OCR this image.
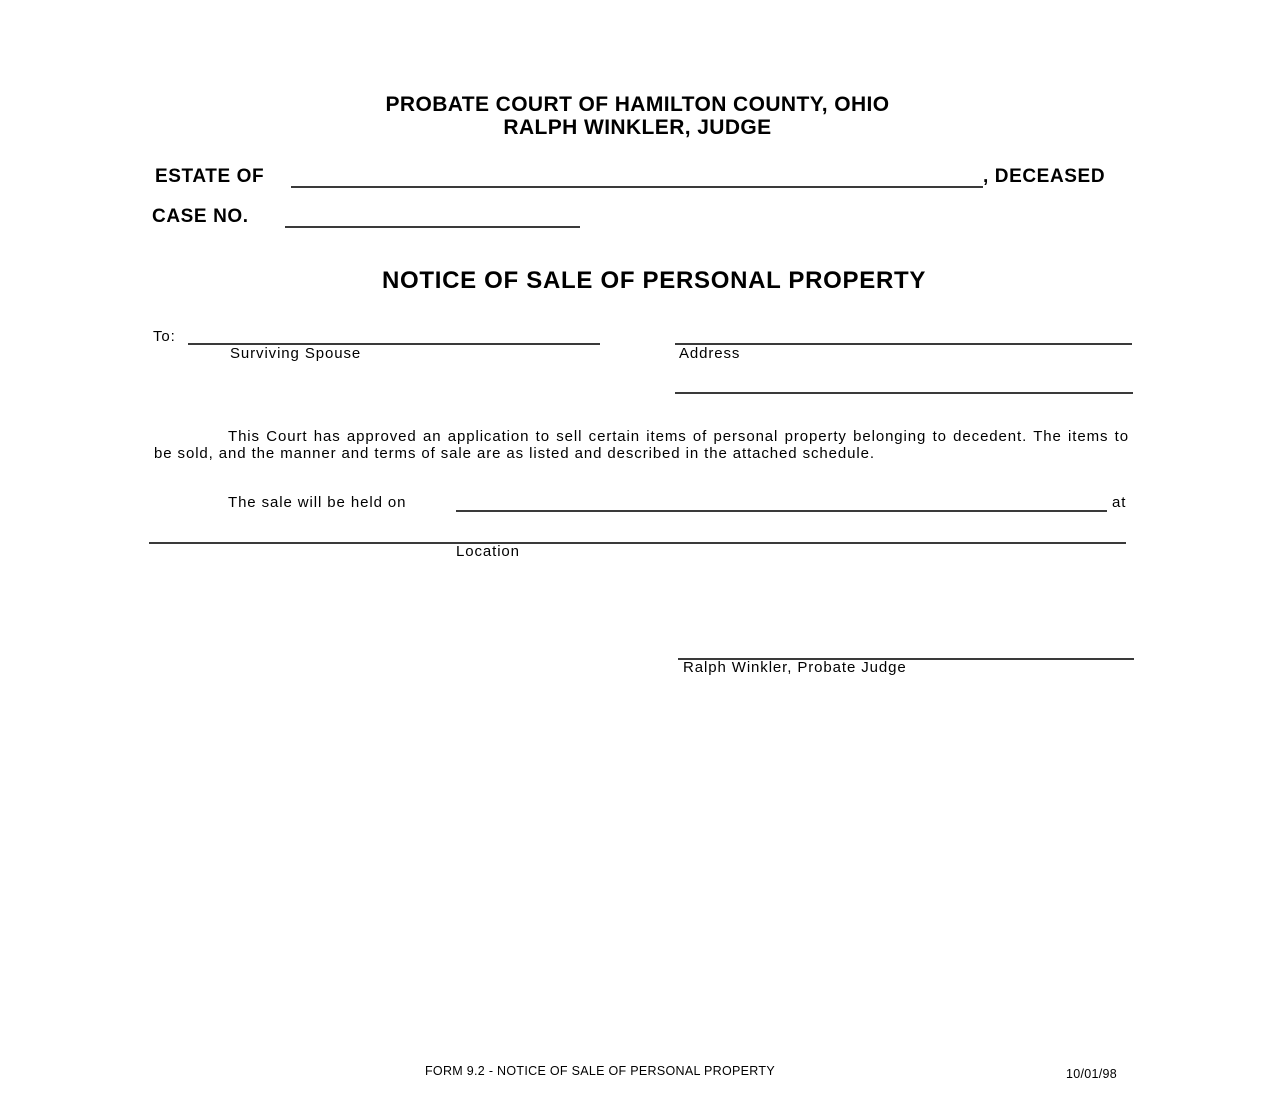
PROBATE COURT OF HAMILTON COUNTY, OHIO
RALPH WINKLER, JUDGE
ESTATE OF	, DECEASED
CASE NO.
NOTICE OF SALE OF PERSONAL PROPERTY
To:
Surviving Spouse	Address
This Court has approved an application to sell certain items of personal property belonging to decedent. The items to be sold, and the manner and terms of sale are as listed and described in the attached schedule.
The sale will be held on	at
Location
Ralph Winkler, Probate Judge
FORM 9.2 - NOTICE OF SALE OF PERSONAL PROPERTY	10/01/98
